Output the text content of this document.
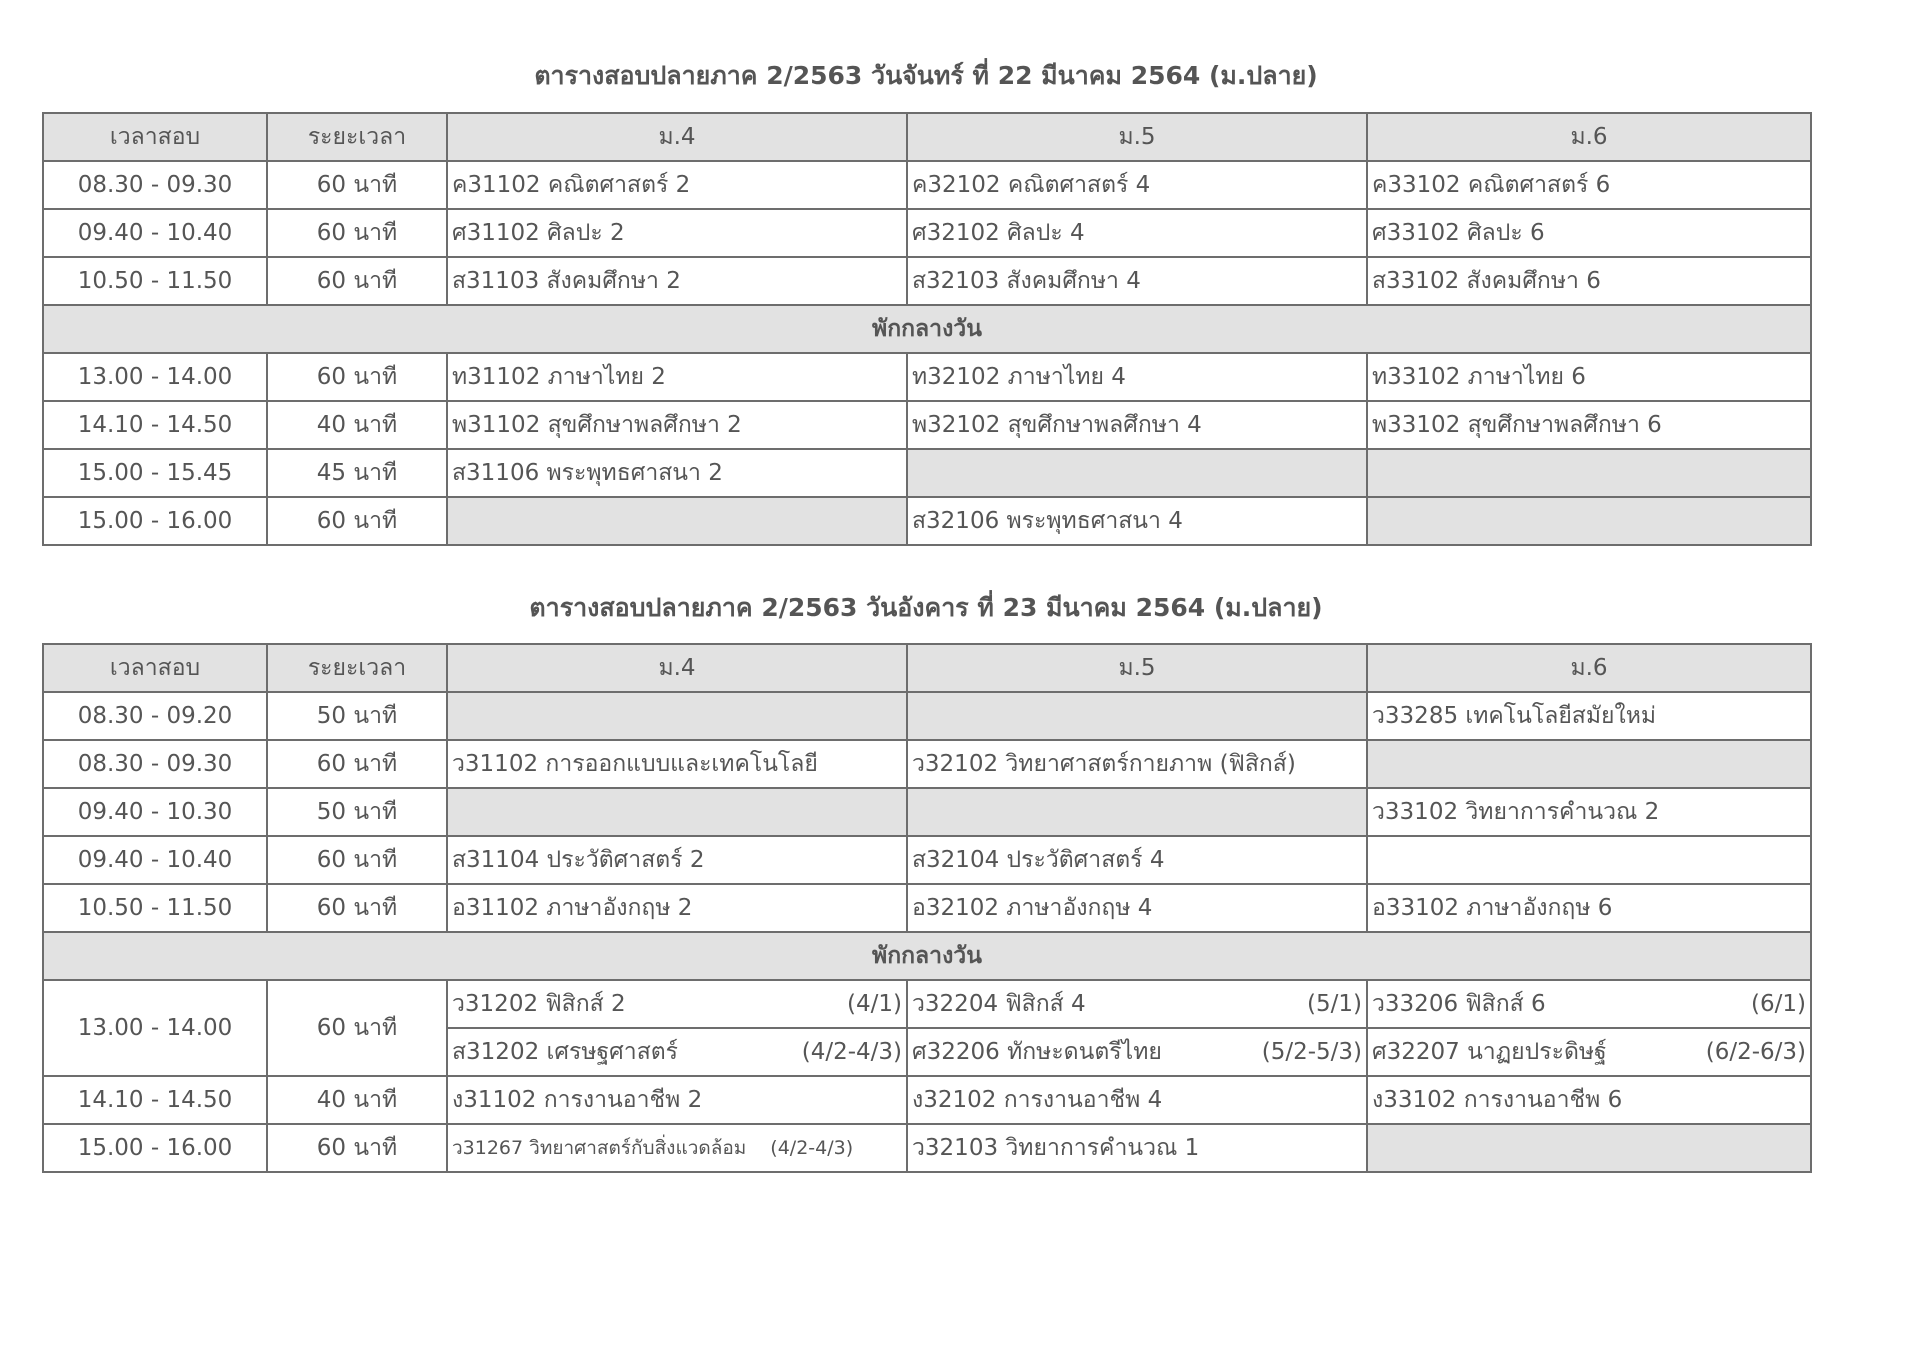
ตารางสอบปลายภาค 2/2563 วันจันทร์ ที่ 22 มีนาคม 2564 (ม.ปลาย)
เวลาสอบ	ระยะเวลา	ม.4	ม.5	ม.6
08.30 - 09.30	60 นาที	ค31102 คณิตศาสตร์ 2	ค32102 คณิตศาสตร์ 4	ค33102 คณิตศาสตร์ 6
09.40 - 10.40	60 นาที	ศ31102 ศิลปะ 2	ศ32102 ศิลปะ 4	ศ33102 ศิลปะ 6
10.50 - 11.50	60 นาที	ส31103 สังคมศึกษา 2	ส32103 สังคมศึกษา 4	ส33102 สังคมศึกษา 6
พักกลางวัน				
13.00 - 14.00	60 นาที	ท31102 ภาษาไทย 2	ท32102 ภาษาไทย 4	ท33102 ภาษาไทย 6
14.10 - 14.50	40 นาที	พ31102 สุขศึกษาพลศึกษา 2	พ32102 สุขศึกษาพลศึกษา 4	พ33102 สุขศึกษาพลศึกษา 6
15.00 - 15.45	45 นาที	ส31106 พระพุทธศาสนา 2		
15.00 - 16.00	60 นาที		ส32106 พระพุทธศาสนา 4	
ตารางสอบปลายภาค 2/2563 วันอังคาร ที่ 23 มีนาคม 2564 (ม.ปลาย)
เวลาสอบ	ระยะเวลา	ม.4	ม.5	ม.6
08.30 - 09.20	50 นาที			ว33285 เทคโนโลยีสมัยใหม่
08.30 - 09.30	60 นาที	ว31102 การออกแบบและเทคโนโลยี	ว32102 วิทยาศาสตร์กายภาพ (ฟิสิกส์)	
09.40 - 10.30	50 นาที			ว33102 วิทยาการคำนวณ 2
09.40 - 10.40	60 นาที	ส31104 ประวัติศาสตร์ 2	ส32104 ประวัติศาสตร์ 4	
10.50 - 11.50	60 นาที	อ31102 ภาษาอังกฤษ 2	อ32102 ภาษาอังกฤษ 4	อ33102 ภาษาอังกฤษ 6
พักกลางวัน				
13.00 - 14.00	60 นาที	ว31202 ฟิสิกส์ 2 (4/1)	ว32204 ฟิสิกส์ 4 (5/1)	ว33206 ฟิสิกส์ 6 (6/1)

		ส31202 เศรษฐศาสตร์ (4/2-4/3)	ศ32206 ทักษะดนตรีไทย (5/2-5/3)	ศ32207 นาฏยประดิษฐ์ (6/2-6/3)

14.10 - 14.50	40 นาที	ง31102 การงานอาชีพ 2	ง32102 การงานอาชีพ 4	ง33102 การงานอาชีพ 6
15.00 - 16.00	60 นาที	ว31267 วิทยาศาสตร์กับสิ่งแวดล้อม (4/2-4/3)	ว32103 วิทยาการคำนวณ 1	
